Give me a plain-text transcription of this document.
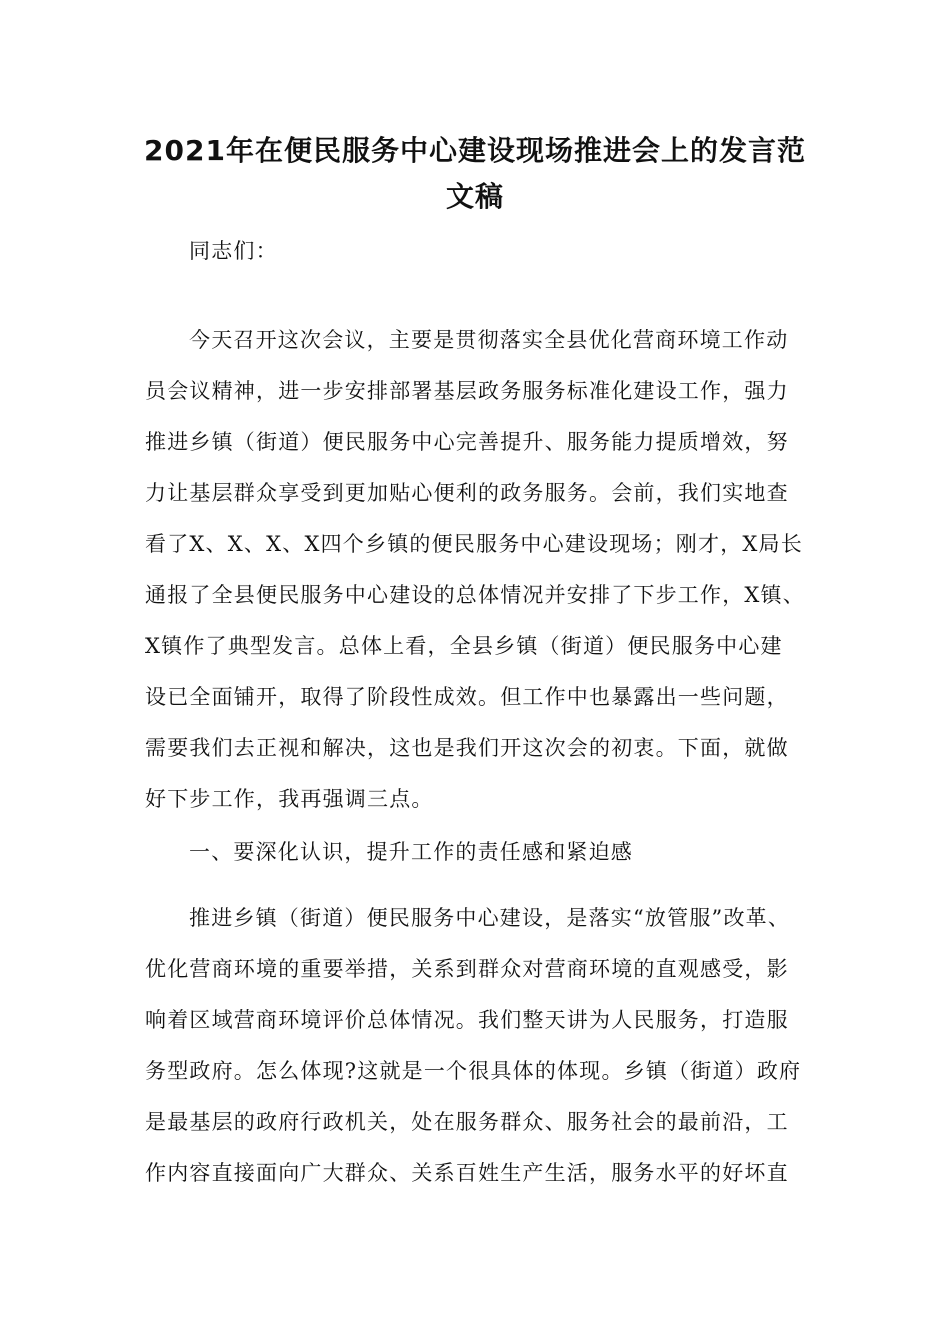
2021年在便民服务中心建设现场推进会上的发言范
文稿

同志们：

今天召开这次会议，主要是贯彻落实全县优化营商环境工作动
员会议精神，进一步安排部署基层政务服务标准化建设工作，强力
推进乡镇（街道）便民服务中心完善提升、服务能力提质增效，努
力让基层群众享受到更加贴心便利的政务服务。会前，我们实地查
看了X、X、X、X四个乡镇的便民服务中心建设现场；刚才，X局长
通报了全县便民服务中心建设的总体情况并安排了下步工作，X镇、
X镇作了典型发言。总体上看，全县乡镇（街道）便民服务中心建
设已全面铺开，取得了阶段性成效。但工作中也暴露出一些问题，
需要我们去正视和解决，这也是我们开这次会的初衷。下面，就做
好下步工作，我再强调三点。

一、要深化认识，提升工作的责任感和紧迫感

推进乡镇（街道）便民服务中心建设，是落实“放管服”改革、
优化营商环境的重要举措，关系到群众对营商环境的直观感受，影
响着区域营商环境评价总体情况。我们整天讲为人民服务，打造服
务型政府。怎么体现?这就是一个很具体的体现。乡镇（街道）政府
是最基层的政府行政机关，处在服务群众、服务社会的最前沿，工
作内容直接面向广大群众、关系百姓生产生活，服务水平的好坏直
